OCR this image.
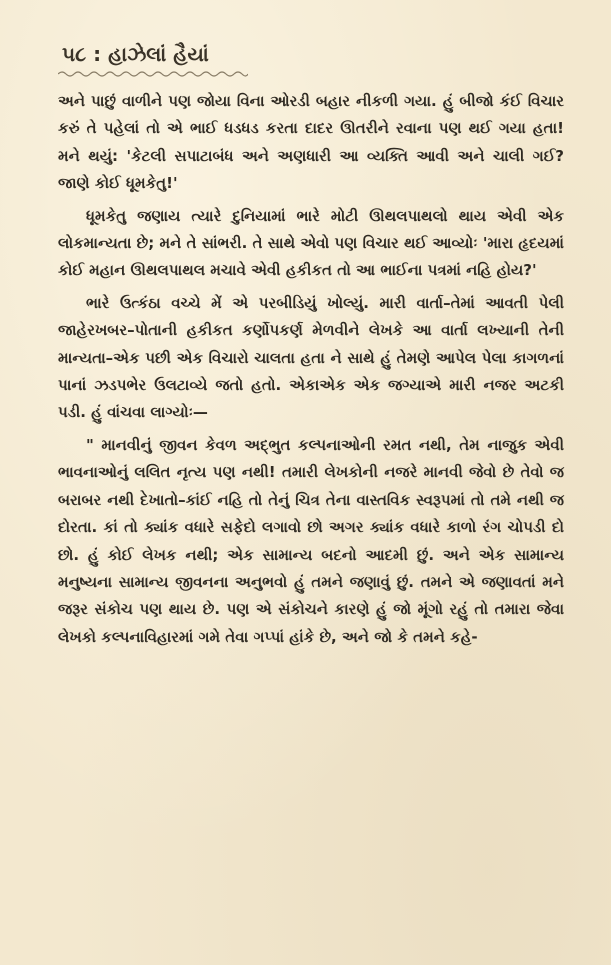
૫૮ : હાઝેલાં હૈયાં

અને પાછું વાળીને પણ જોયા વિના ઓરડી બહાર નીકળી ગયા. હું બીજો કંઈ વિચાર કરું તે પહેલાં તો એ ભાઈ ધડધડ કરતા દાદર ઊતરીને રવાના પણ થઈ ગયા હતા! મને થયું: 'કેટલી સપાટાબંધ અને અણધારી આ વ્યક્તિ આવી અને ચાલી ગઈ? જાણે કોઈ ધૂમકેતુ!'

ધૂમકેતુ જણાય ત્યારે દુનિયામાં ભારે મોટી ઊથલપાથલો થાય એવી એક લોકમાન્યતા છે; મને તે સાંભરી. તે સાથે એવો પણ વિચાર થઈ આવ્યોઃ 'મારા હૃદયમાં કોઈ મહાન ઊથલપાથલ મચાવે એવી હકીકત તો આ ભાઈના પત્રમાં નહિ હોય?'

ભારે ઉત્કંઠા વચ્ચે મેં એ પરબીડિયું ખોલ્યું. મારી વાર્તા–તેમાં આવતી પેલી જાહેરખબર–પોતાની હકીકત કર્ણોપકર્ણ મેળવીને લેખકે આ વાર્તા લખ્યાની તેની માન્યતા–એક પછી એક વિચારો ચાલતા હતા ને સાથે હું તેમણે આપેલ પેલા કાગળનાં પાનાં ઝડપભેર ઉલટાવ્યે જતો હતો. એકાએક એક જગ્યાએ મારી નજર અટકી પડી. હું વાંચવા લાગ્યોઃ—

" માનવીનું જીવન કેવળ અદ્ભુત કલ્પનાઓની રમત નથી, તેમ નાજુક એવી ભાવનાઓનું લલિત નૃત્ય પણ નથી! તમારી લેખકોની નજરે માનવી જેવો છે તેવો જ બરાબર નથી દેખાતો–કાંઈ નહિ તો તેનું ચિત્ર તેના વાસ્તવિક સ્વરૂપમાં તો તમે નથી જ દોરતા. કાં તો ક્યાંક વધારે સફેદો લગાવો છો અગર ક્યાંક વધારે કાળો રંગ ચોપડી દો છો. હું કોઈ લેખક નથી; એક સામાન્ય બદનો આદમી છું. અને એક સામાન્ય મનુષ્યના સામાન્ય જીવનના અનુભવો હું તમને જણાવું છું. તમને એ જણાવતાં મને જરૂર સંકોચ પણ થાય છે. પણ એ સંકોચને કારણે હું જો મૂંગો રહું તો તમારા જેવા લેખકો કલ્પનાવિહારમાં ગમે તેવા ગપ્પાં હાંકે છે, અને જો કે તમને કહે-
